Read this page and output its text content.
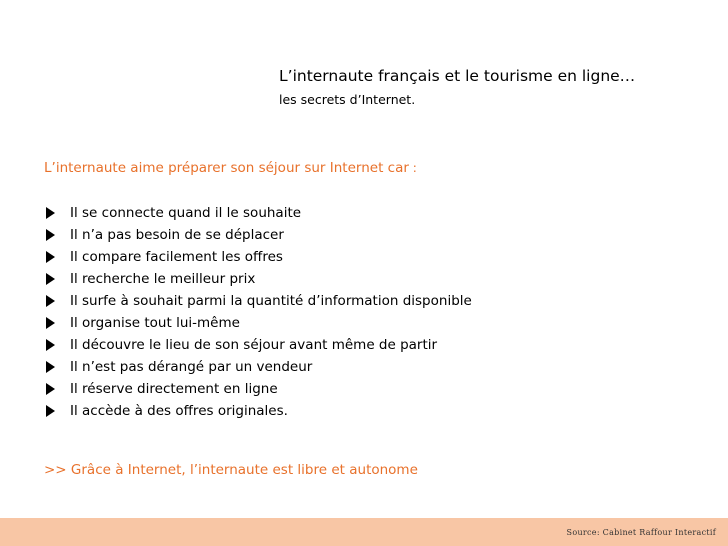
L’internaute français et le tourisme en ligne…
les secrets d’Internet.
L’internaute aime préparer son séjour sur Internet car :
Il se connecte quand il le souhaite
Il n’a pas besoin de se déplacer
Il compare facilement les offres
Il recherche le meilleur prix
Il surfe à souhait parmi la quantité d’information disponible
Il organise tout lui-même
Il découvre le lieu de son séjour avant même de partir
Il n’est pas dérangé par un vendeur
Il réserve directement en ligne
Il accède à des offres originales.
>> Grâce à Internet, l’internaute est libre et autonome
Source: Cabinet Raffour Interactif
